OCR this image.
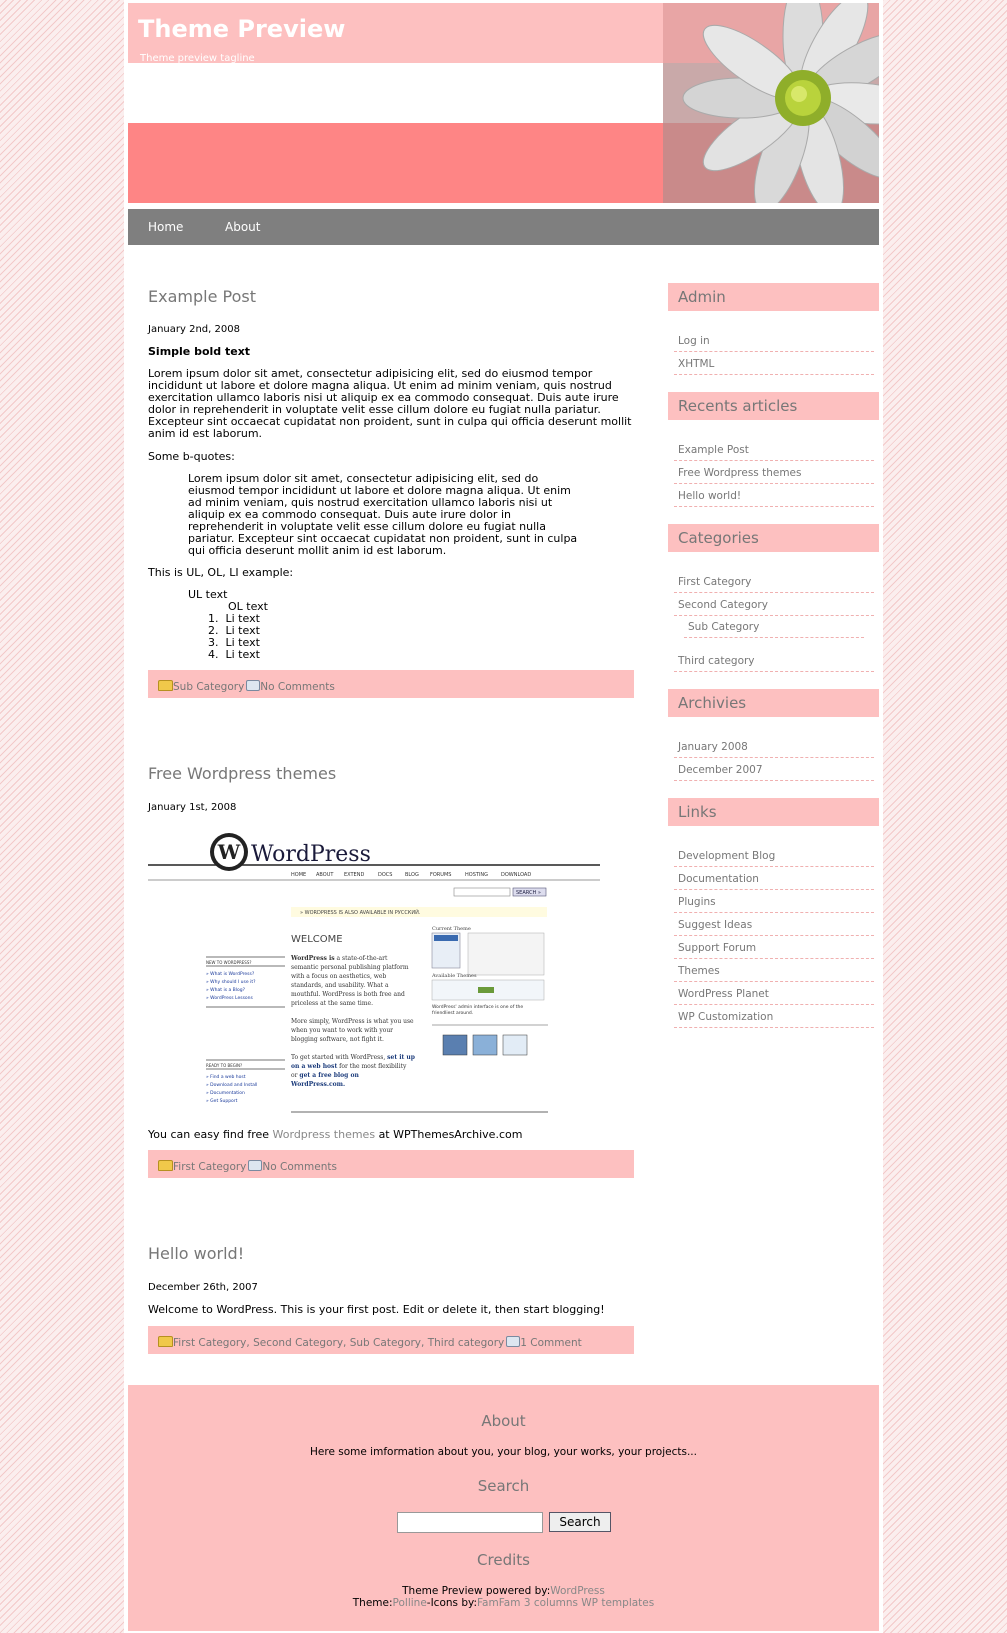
Theme Preview
Theme preview tagline
Home	About
Example Post
January 2nd, 2008
Simple bold text
Lorem ipsum dolor sit amet, consectetur adipisicing elit, sed do eiusmod tempor incididunt ut labore et dolore magna aliqua. Ut enim ad minim veniam, quis nostrud exercitation ullamco laboris nisi ut aliquip ex ea commodo consequat. Duis aute irure dolor in reprehenderit in voluptate velit esse cillum dolore eu fugiat nulla pariatur. Excepteur sint occaecat cupidatat non proident, sunt in culpa qui officia deserunt mollit anim id est laborum.
Some b-quotes:
Lorem ipsum dolor sit amet, consectetur adipisicing elit, sed do eiusmod tempor incididunt ut labore et dolore magna aliqua. Ut enim ad minim veniam, quis nostrud exercitation ullamco laboris nisi ut aliquip ex ea commodo consequat. Duis aute irure dolor in reprehenderit in voluptate velit esse cillum dolore eu fugiat nulla pariatur. Excepteur sint occaecat cupidatat non proident, sunt in culpa qui officia deserunt mollit anim id est laborum.
This is UL, OL, LI example:
UL text
OL text
1.  Li text
2.  Li text
3.  Li text
4.  Li text
Sub Category No Comments
Free Wordpress themes
January 1st, 2008
W WordPress
HOME ABOUT EXTEND	DOCS	BLOG FORUMS	HOSTING	DOWNLOAD
SEARCH »
» WORDPRESS IS ALSO AVAILABLE IN РУССКИЙ.
WELCOME
WordPress is a state-of-the-art
semantic personal publishing platform
with a focus on aesthetics, web
standards, and usability. What a
mouthful. WordPress is both free and
priceless at the same time.
More simply, WordPress is what you use
when you want to work with your
blogging software, not fight it.
To get started with WordPress, set it up
on a web host for the most flexibility
or get a free blog on
WordPress.com.
NEW TO WORDPRESS?
» What is WordPress?
» Why should I use it?
» What is a Blog?
» WordPress Lessons
READY TO BEGIN?
» Find a web host
» Download and Install
» Documentation
» Get Support
Current Theme
Available Themes
WordPress' admin interface is one of the
friendliest around.
You can easy find free Wordpress themes at WPThemesArchive.com
First Category No Comments
Hello world!
December 26th, 2007
Welcome to WordPress. This is your first post. Edit or delete it, then start blogging!
First Category, Second Category, Sub Category, Third category 1 Comment
Admin
Log in
XHTML
Recents articles
Example Post
Free Wordpress themes
Hello world!
Categories
First Category
Second Category
Sub Category
Third category
Archivies
January 2008
December 2007
Links
Development Blog
Documentation
Plugins
Suggest Ideas
Support Forum
Themes
WordPress Planet
WP Customization
About
Here some imformation about you, your blog, your works, your projects...
Search
Search
Credits
Theme Preview powered by:WordPress
Theme:Polline-Icons by:FamFam 3 columns WP templates
